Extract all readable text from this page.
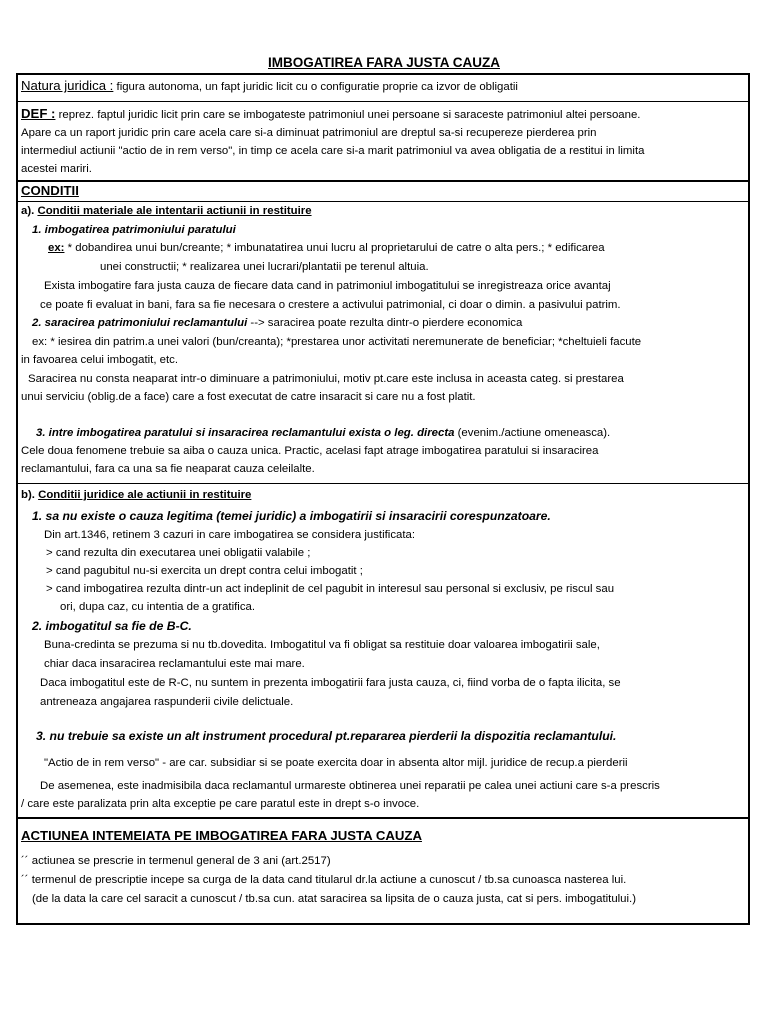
IMBOGATIREA FARA JUSTA CAUZA
Natura juridica : figura autonoma, un fapt juridic licit cu o configuratie proprie ca izvor de obligatii
DEF : reprez. faptul juridic licit prin care se imbogateste patrimoniul unei persoane si saraceste patrimoniul altei persoane.
Apare ca un raport juridic prin care acela care si-a diminuat patrimoniul are dreptul sa-si recupereze pierderea prin
intermediul actiunii "actio de in rem verso", in timp ce acela care si-a marit patrimoniul va avea obligatia de a restitui in limita
acestei mariri.
CONDITII
a). Conditii materiale ale intentarii actiunii in restituire
1. imbogatirea patrimoniului paratului
ex: * dobandirea unui bun/creante; * imbunatatirea unui lucru al proprietarului de catre o alta pers.; * edificarea
unei constructii; * realizarea unei lucrari/plantatii pe terenul altuia.
Exista imbogatire fara justa cauza de fiecare data cand in patrimoniul imbogatitului se inregistreaza orice avantaj
ce poate fi evaluat in bani, fara sa fie necesara o crestere a activului patrimonial, ci doar o dimin. a pasivului patrim.
2. saracirea patrimoniului reclamantului --> saracirea poate rezulta dintr-o pierdere economica
ex: * iesirea din patrim.a unei valori (bun/creanta); *prestarea unor activitati neremunerate de beneficiar; *cheltuieli facute
in favoarea celui imbogatit, etc.
Saracirea nu consta neaparat intr-o diminuare a patrimoniului, motiv pt.care este inclusa in aceasta categ. si prestarea
unui serviciu (oblig.de a face) care a fost executat de catre insaracit si care nu a fost platit.
3. intre imbogatirea paratului si insaracirea reclamantului exista o leg. directa (evenim./actiune omeneasca).
Cele doua fenomene trebuie sa aiba o cauza unica. Practic, acelasi fapt atrage imbogatirea paratului si insaracirea
reclamantului, fara ca una sa fie neaparat cauza celeilalte.
b). Conditii juridice ale actiunii in restituire
1. sa nu existe o cauza legitima (temei juridic) a imbogatirii si insaracirii corespunzatoare.
Din art.1346, retinem 3 cazuri in care imbogatirea se considera justificata:
> cand rezulta din executarea unei obligatii valabile ;
> cand pagubitul nu-si exercita un drept contra celui imbogatit ;
> cand imbogatirea rezulta dintr-un act indeplinit de cel pagubit in interesul sau personal si exclusiv, pe riscul sau
ori, dupa caz, cu intentia de a gratifica.
2. imbogatitul sa fie de B-C.
Buna-credinta se prezuma si nu tb.dovedita. Imbogatitul va fi obligat sa restituie doar valoarea imbogatirii sale,
chiar daca insaracirea reclamantului este mai mare.
Daca imbogatitul este de R-C, nu suntem in prezenta imbogatirii fara justa cauza, ci, fiind vorba de o fapta ilicita, se
antreneaza angajarea raspunderii civile delictuale.
3. nu trebuie sa existe un alt instrument procedural pt.repararea pierderii la dispozitia reclamantului.
"Actio de in rem verso" - are car. subsidiar si se poate exercita doar in absenta altor mijl. juridice de recup.a pierderii
De asemenea, este inadmisibila daca reclamantul urmareste obtinerea unei reparatii pe calea unei actiuni care s-a prescris
/ care este paralizata prin alta exceptie pe care paratul este in drept s-o invoce.
ACTIUNEA INTEMEIATA PE IMBOGATIREA FARA JUSTA CAUZA
´´ actiunea se prescrie in termenul general de 3 ani (art.2517)
´´ termenul de prescriptie incepe sa curga de la data cand titularul dr.la actiune a cunoscut / tb.sa cunoasca nasterea lui.
(de la data la care cel saracit a cunoscut / tb.sa cun. atat saracirea sa lipsita de o cauza justa, cat si pers. imbogatitului.)
